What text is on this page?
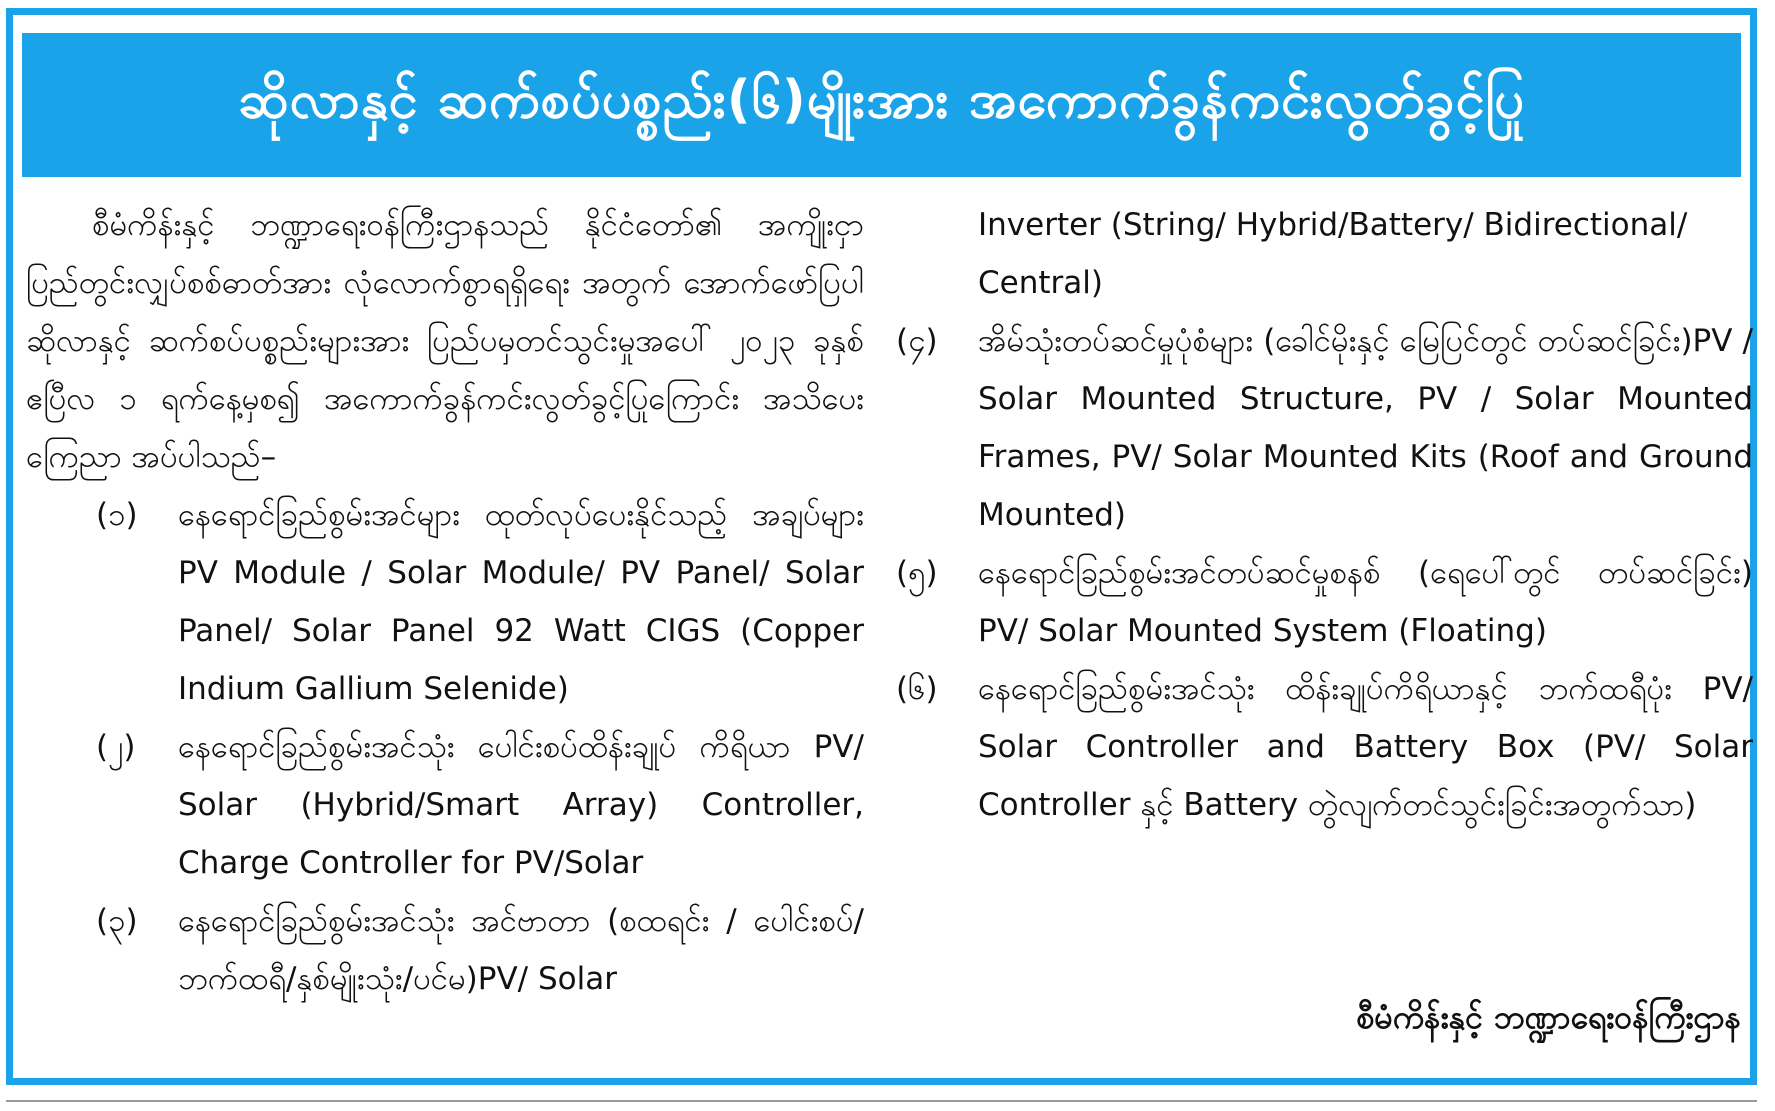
ဆိုလာနှင့် ဆက်စပ်ပစ္စည်း(၆)မျိုးအား အကောက်ခွန်ကင်းလွတ်ခွင့်ပြု

စီမံကိန်းနှင့် ဘဏ္ဍာရေးဝန်ကြီးဌာနသည် နိုင်ငံတော်၏ အကျိုးငှာ ပြည်တွင်းလျှပ်စစ်ဓာတ်အား လုံလောက်စွာရရှိရေး အတွက် အောက်ဖော်ပြပါ ဆိုလာနှင့် ဆက်စပ်ပစ္စည်းများအား ပြည်ပမှတင်သွင်းမှုအပေါ် ၂၀၂၃ ခုနှစ် ဧပြီလ ၁ ရက်နေ့မှစ၍ အကောက်ခွန်ကင်းလွတ်ခွင့်ပြုကြောင်း အသိပေးကြေညာ အပ်ပါသည်–

(၁)	နေရောင်ခြည်စွမ်းအင်များ ထုတ်လုပ်ပေးနိုင်သည့် အချပ်များ PV Module / Solar Module/ PV Panel/ Solar Panel/ Solar Panel 92 Watt CIGS (Copper Indium Gallium Selenide)
(၂)	နေရောင်ခြည်စွမ်းအင်သုံး ပေါင်းစပ်ထိန်းချုပ် ကိရိယာ PV/ Solar (Hybrid/Smart Array) Controller, Charge Controller for PV/Solar
(၃)	နေရောင်ခြည်စွမ်းအင်သုံး အင်ဗာတာ (စထရင်း / ပေါင်းစပ်/ ဘက်ထရီ/နှစ်မျိုးသုံး/ပင်မ)PV/ Solar

Inverter (String/ Hybrid/Battery/ Bidirectional/ Central)

(၄)	အိမ်သုံးတပ်ဆင်မှုပုံစံများ (ခေါင်မိုးနှင့် မြေပြင်တွင် တပ်ဆင်ခြင်း)PV / Solar Mounted Structure, PV / Solar Mounted Frames, PV/ Solar Mounted Kits (Roof and Ground Mounted)
(၅)	နေရောင်ခြည်စွမ်းအင်တပ်ဆင်မှုစနစ် (ရေပေါ်တွင် တပ်ဆင်ခြင်း) PV/ Solar Mounted System (Floating)
(၆)	နေရောင်ခြည်စွမ်းအင်သုံး ထိန်းချုပ်ကိရိယာနှင့် ဘက်ထရီပုံး PV/ Solar Controller and Battery Box (PV/ Solar Controller နှင့် Battery တွဲလျက်တင်သွင်းခြင်းအတွက်သာ)
စီမံကိန်းနှင့် ဘဏ္ဍာရေးဝန်ကြီးဌာန
